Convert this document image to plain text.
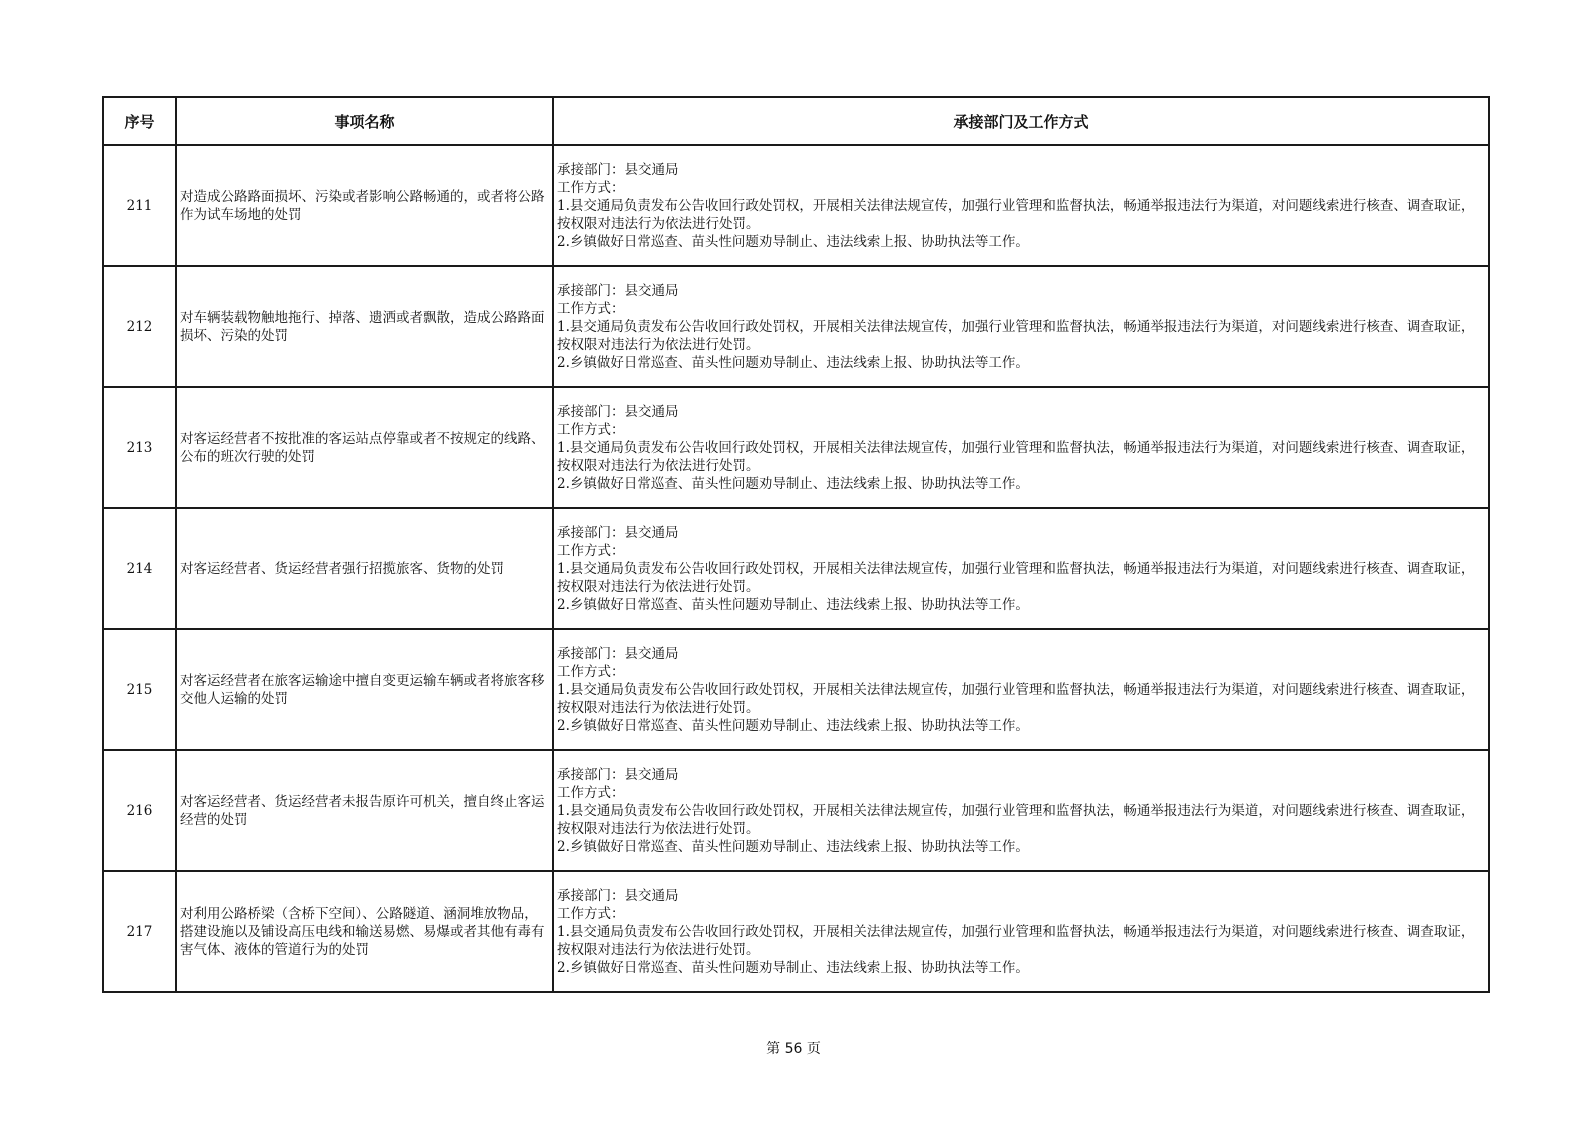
序号	事项名称	承接部门及工作方式
211	对造成公路路面损坏、污染或者影响公路畅通的，或者将公路作为试车场地的处罚	承接部门：县交通局
工作方式：
1.县交通局负责发布公告收回行政处罚权，开展相关法律法规宣传，加强行业管理和监督执法，畅通举报违法行为渠道，对问题线索进行核查、调查取证，按权限对违法行为依法进行处罚。
2.乡镇做好日常巡查、苗头性问题劝导制止、违法线索上报、协助执法等工作。

212	对车辆装载物触地拖行、掉落、遗洒或者飘散，造成公路路面损坏、污染的处罚	承接部门：县交通局
工作方式：
1.县交通局负责发布公告收回行政处罚权，开展相关法律法规宣传，加强行业管理和监督执法，畅通举报违法行为渠道，对问题线索进行核查、调查取证，按权限对违法行为依法进行处罚。
2.乡镇做好日常巡查、苗头性问题劝导制止、违法线索上报、协助执法等工作。

213	对客运经营者不按批准的客运站点停靠或者不按规定的线路、公布的班次行驶的处罚	承接部门：县交通局
工作方式：
1.县交通局负责发布公告收回行政处罚权，开展相关法律法规宣传，加强行业管理和监督执法，畅通举报违法行为渠道，对问题线索进行核查、调查取证，按权限对违法行为依法进行处罚。
2.乡镇做好日常巡查、苗头性问题劝导制止、违法线索上报、协助执法等工作。

214	对客运经营者、货运经营者强行招揽旅客、货物的处罚	承接部门：县交通局
工作方式：
1.县交通局负责发布公告收回行政处罚权，开展相关法律法规宣传，加强行业管理和监督执法，畅通举报违法行为渠道，对问题线索进行核查、调查取证，按权限对违法行为依法进行处罚。
2.乡镇做好日常巡查、苗头性问题劝导制止、违法线索上报、协助执法等工作。

215	对客运经营者在旅客运输途中擅自变更运输车辆或者将旅客移交他人运输的处罚	承接部门：县交通局
工作方式：
1.县交通局负责发布公告收回行政处罚权，开展相关法律法规宣传，加强行业管理和监督执法，畅通举报违法行为渠道，对问题线索进行核查、调查取证，按权限对违法行为依法进行处罚。
2.乡镇做好日常巡查、苗头性问题劝导制止、违法线索上报、协助执法等工作。

216	对客运经营者、货运经营者未报告原许可机关，擅自终止客运经营的处罚	承接部门：县交通局
工作方式：
1.县交通局负责发布公告收回行政处罚权，开展相关法律法规宣传，加强行业管理和监督执法，畅通举报违法行为渠道，对问题线索进行核查、调查取证，按权限对违法行为依法进行处罚。
2.乡镇做好日常巡查、苗头性问题劝导制止、违法线索上报、协助执法等工作。

217	对利用公路桥梁（含桥下空间）、公路隧道、涵洞堆放物品，搭建设施以及铺设高压电线和输送易燃、易爆或者其他有毒有害气体、液体的管道行为的处罚	承接部门：县交通局
工作方式：
1.县交通局负责发布公告收回行政处罚权，开展相关法律法规宣传，加强行业管理和监督执法，畅通举报违法行为渠道，对问题线索进行核查、调查取证，按权限对违法行为依法进行处罚。
2.乡镇做好日常巡查、苗头性问题劝导制止、违法线索上报、协助执法等工作。
第 56 页
